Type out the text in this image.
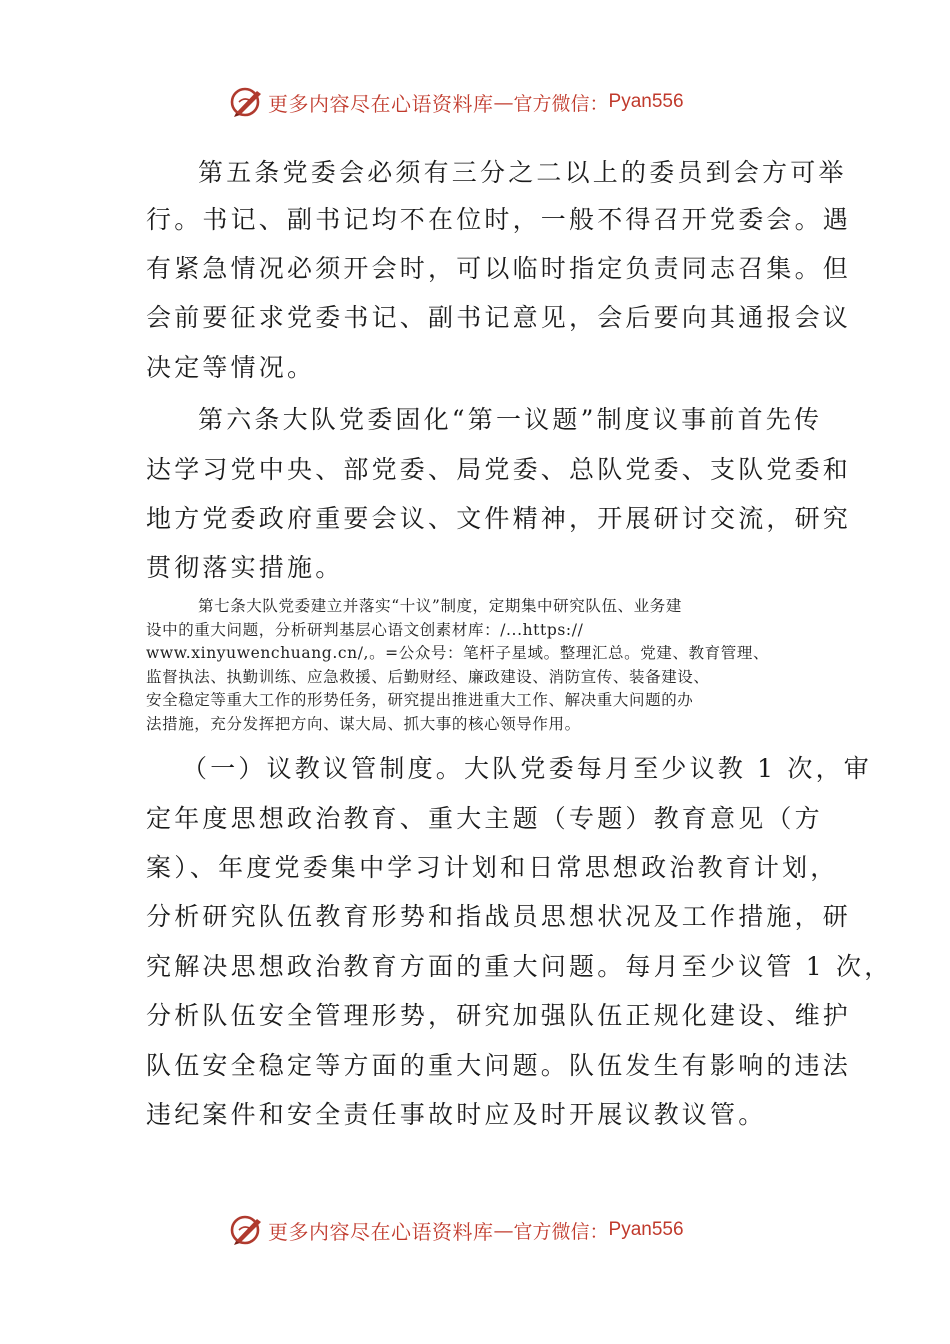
更多内容尽在心语资料库 — 官方微信： Pyan556
第五条党委会必须有三分之二以上的委员到会方可举
行。书记、副书记均不在位时，一般不得召开党委会。遇
有紧急情况必须开会时，可以临时指定负责同志召集。但
会前要征求党委书记、副书记意见，会后要向其通报会议
决定等情况。
第六条大队党委固化“第一议题”制度议事前首先传
达学习党中央、部党委、局党委、总队党委、支队党委和
地方党委政府重要会议、文件精神，开展研讨交流，研究
贯彻落实措施。
第七条大队党委建立并落实“十议”制度，定期集中研究队伍、业务建
设中的重大问题，分析研判基层心语文创素材库：/...https://
www.xinyuwenchuang.cn/,。=公众号：笔杆子星域。整理汇总。党建、教育管理、
监督执法、执勤训练、应急救援、后勤财经、廉政建设、消防宣传、装备建设、
安全稳定等重大工作的形势任务，研究提出推进重大工作、解决重大问题的办
法措施，充分发挥把方向、谋大局、抓大事的核心领导作用。
（一）议教议管制度。大队党委每月至少议教 1 次，审
定年度思想政治教育、重大主题（专题）教育意见（方
案）、年度党委集中学习计划和日常思想政治教育计划，
分析研究队伍教育形势和指战员思想状况及工作措施，研
究解决思想政治教育方面的重大问题。每月至少议管 1 次，
分析队伍安全管理形势，研究加强队伍正规化建设、维护
队伍安全稳定等方面的重大问题。队伍发生有影响的违法
违纪案件和安全责任事故时应及时开展议教议管。
更多内容尽在心语资料库 — 官方微信： Pyan556
